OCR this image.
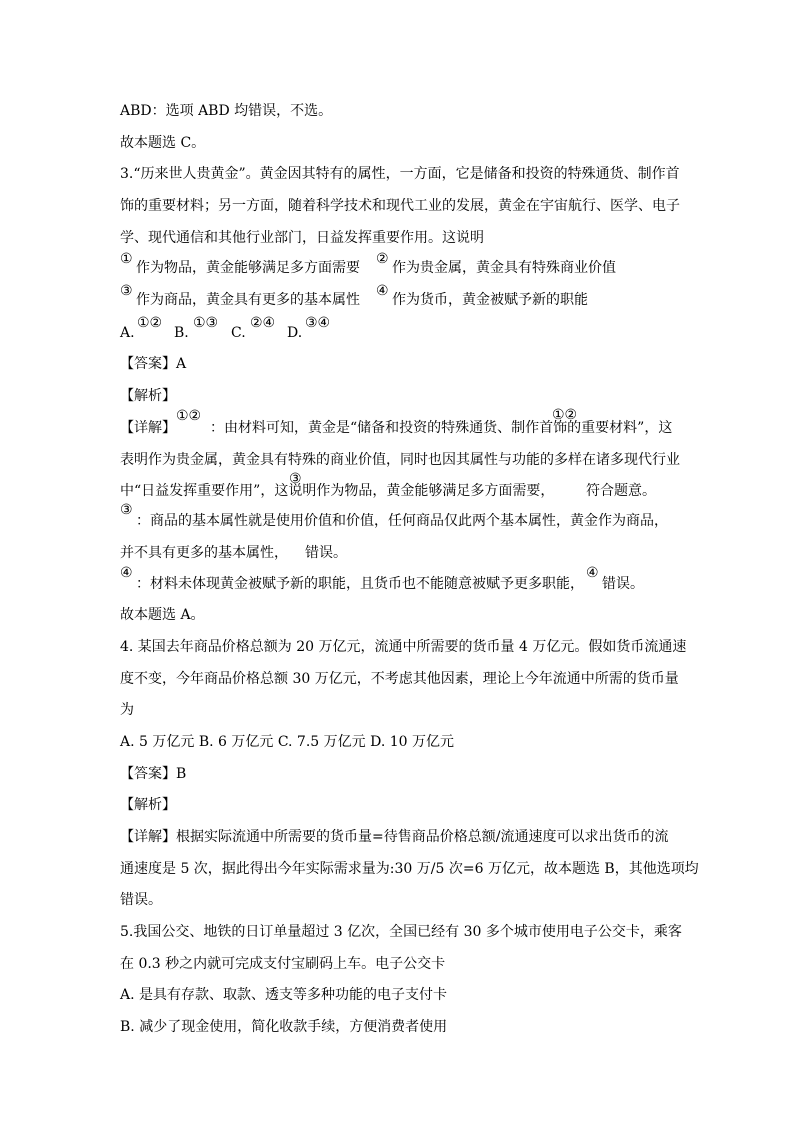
ABD：选项 ABD 均错误，不选。
故本题选 C。
3.“历来世人贵黄金”。黄金因其特有的属性，一方面，它是储备和投资的特殊通货、制作首
饰的重要材料；另一方面，随着科学技术和现代工业的发展，黄金在宇宙航行、医学、电子
学、现代通信和其他行业部门，日益发挥重要作用。这说明
①
作为物品，黄金能够满足多方面需要
②
作为贵金属，黄金具有特殊商业价值
③
作为商品，黄金具有更多的基本属性
④
作为货币，黄金被赋予新的职能
A.
①②
B.
①③
C.
②④
D.
③④
【答案】A
【解析】
【详解】
①②
：由材料可知，黄金是“储备和投资的特殊通货、制作首饰的重要材料”，这
①②
表明作为贵金属，黄金具有特殊的商业价值，同时也因其属性与功能的多样在诸多现代行业
中“日益发挥重要作用”，这说明作为物品，黄金能够满足多方面需要， 符合题意。
③
③
：商品的基本属性就是使用价值和价值，任何商品仅此两个基本属性，黄金作为商品，
并不具有更多的基本属性， 错误。
④
：材料未体现黄金被赋予新的职能，且货币也不能随意被赋予更多职能，
④
错误。
故本题选 A。
4. 某国去年商品价格总额为 20 万亿元，流通中所需要的货币量 4 万亿元。假如货币流通速
度不变，今年商品价格总额 30 万亿元，不考虑其他因素，理论上今年流通中所需的货币量
为
A. 5 万亿元 B. 6 万亿元 C. 7.5 万亿元 D. 10 万亿元
【答案】B
【解析】
【详解】根据实际流通中所需要的货币量=待售商品价格总额/流通速度可以求出货币的流
通速度是 5 次，据此得出今年实际需求量为:30 万/5 次=6 万亿元，故本题选 B，其他选项均
错误。
5.我国公交、地铁的日订单量超过 3 亿次，全国已经有 30 多个城市使用电子公交卡，乘客
在 0.3 秒之内就可完成支付宝刷码上车。电子公交卡
A. 是具有存款、取款、透支等多种功能的电子支付卡
B. 减少了现金使用，简化收款手续，方便消费者使用
